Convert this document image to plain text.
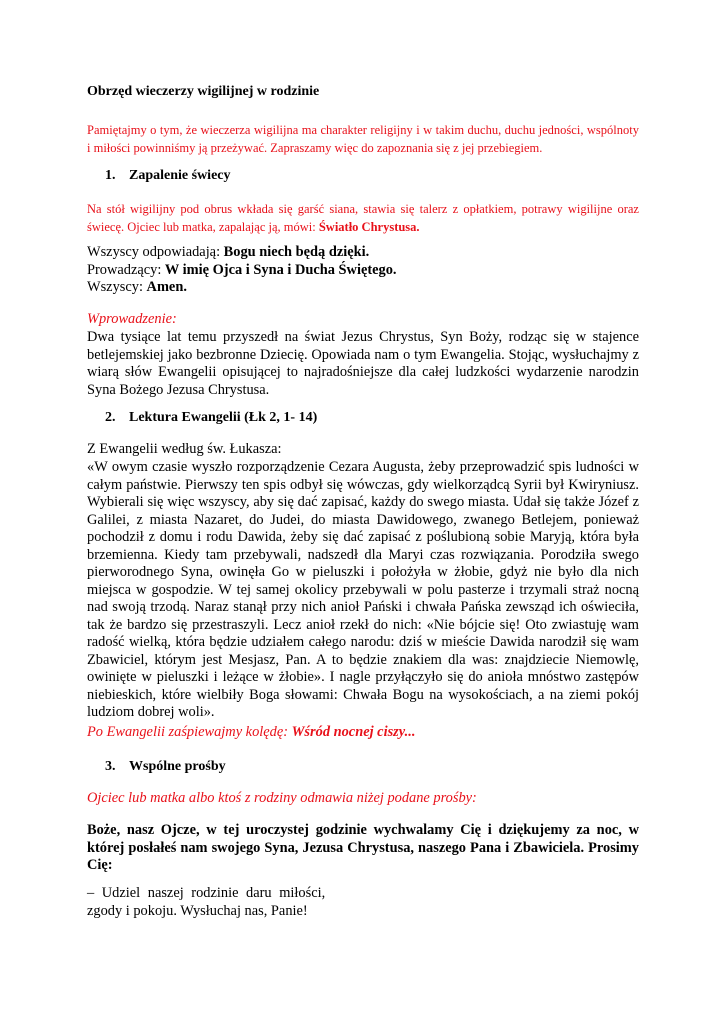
Obrzęd wieczerzy wigilijnej w rodzinie

Pamiętajmy o tym, że wieczerza wigilijna ma charakter religijny i w takim duchu, duchu jedności, wspólnoty i miłości powinniśmy ją przeżywać. Zapraszamy więc do zapoznania się z jej przebiegiem.

1. Zapalenie świecy

Na stół wigilijny pod obrus wkłada się garść siana, stawia się talerz z opłatkiem, potrawy wigilijne oraz świecę. Ojciec lub matka, zapalając ją, mówi: Światło Chrystusa.

Wszyscy odpowiadają: Bogu niech będą dzięki.
Prowadzący: W imię Ojca i Syna i Ducha Świętego.
Wszyscy: Amen.

Wprowadzenie:

Dwa tysiące lat temu przyszedł na świat Jezus Chrystus, Syn Boży, rodząc się w stajence betlejemskiej jako bezbronne Dziecię. Opowiada nam o tym Ewangelia. Stojąc, wysłuchajmy z wiarą słów Ewangelii opisującej to najradośniejsze dla całej ludzkości wydarzenie narodzin Syna Bożego Jezusa Chrystusa.

2. Lektura Ewangelii (Łk 2, 1- 14)

Z Ewangelii według św. Łukasza:

«W owym czasie wyszło rozporządzenie Cezara Augusta, żeby przeprowadzić spis ludności w całym państwie. Pierwszy ten spis odbył się wówczas, gdy wielkorządcą Syrii był Kwiryniusz. Wybierali się więc wszyscy, aby się dać zapisać, każdy do swego miasta. Udał się także Józef z Galilei, z miasta Nazaret, do Judei, do miasta Dawidowego, zwanego Betlejem, ponieważ pochodził z domu i rodu Dawida, żeby się dać zapisać z poślubioną sobie Maryją, która była brzemienna. Kiedy tam przebywali, nadszedł dla Maryi czas rozwiązania. Porodziła swego pierworodnego Syna, owinęła Go w pieluszki i położyła w żłobie, gdyż nie było dla nich miejsca w gospodzie. W tej samej okolicy przebywali w polu pasterze i trzymali straż nocną nad swoją trzodą. Naraz stanął przy nich anioł Pański i chwała Pańska zewsząd ich oświeciła, tak że bardzo się przestraszyli. Lecz anioł rzekł do nich: «Nie bójcie się! Oto zwiastuję wam radość wielką, która będzie udziałem całego narodu: dziś w mieście Dawida narodził się wam Zbawiciel, którym jest Mesjasz, Pan. A to będzie znakiem dla was: znajdziecie Niemowlę, owinięte w pieluszki i leżące w żłobie». I nagle przyłączyło się do anioła mnóstwo zastępów niebieskich, które wielbiły Boga słowami: Chwała Bogu na wysokościach, a na ziemi pokój ludziom dobrej woli».

Po Ewangelii zaśpiewajmy kolędę: Wśród nocnej ciszy...

3. Wspólne prośby

Ojciec lub matka albo ktoś z rodziny odmawia niżej podane prośby:

Boże, nasz Ojcze, w tej uroczystej godzinie wychwalamy Cię i dziękujemy za noc, w której posłałeś nam swojego Syna, Jezusa Chrystusa, naszego Pana i Zbawiciela. Prosimy Cię:

– Udziel naszej rodzinie daru miłości,
zgody i pokoju. Wysłuchaj nas, Panie!
